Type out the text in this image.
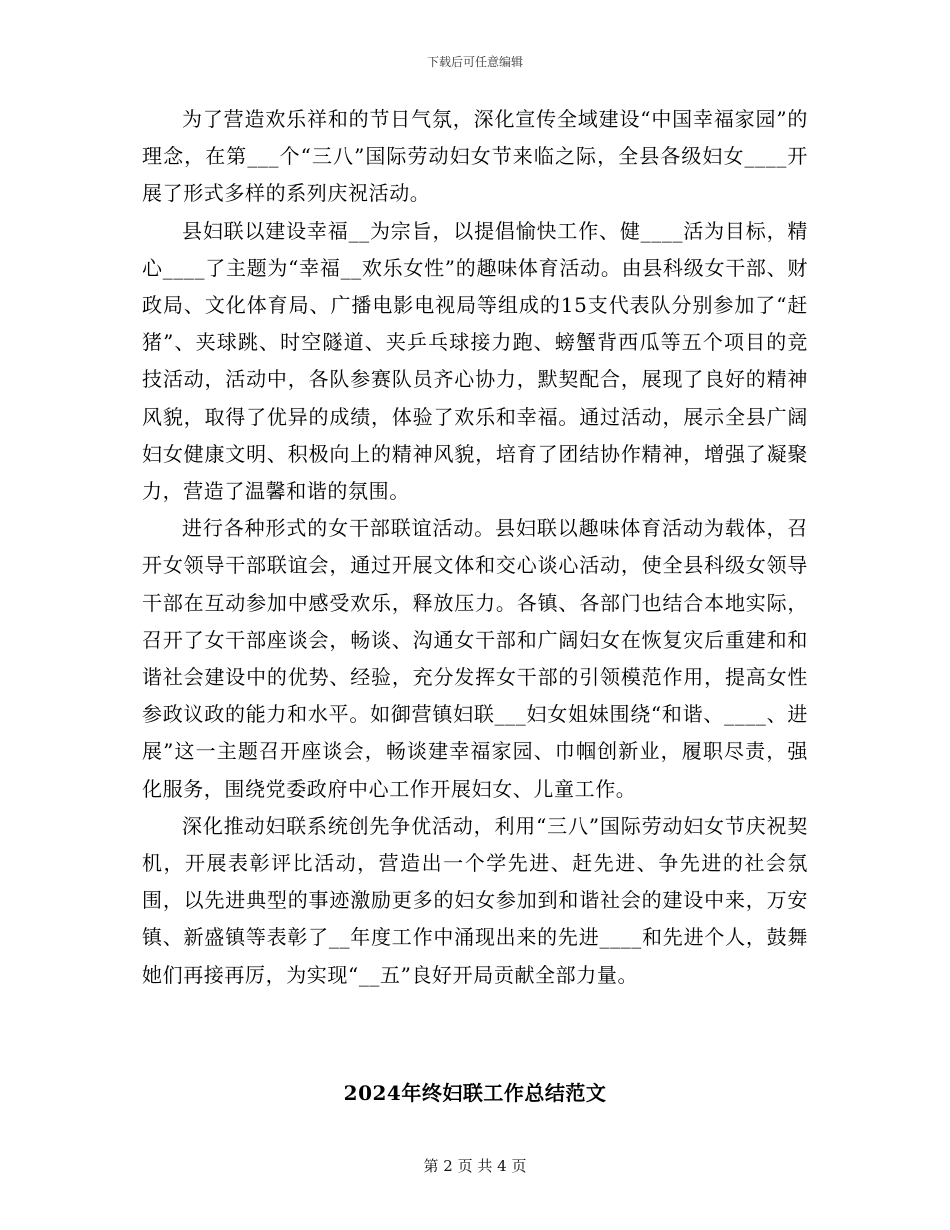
下载后可任意编辑

为了营造欢乐祥和的节日气氛，深化宣传全域建设“中国幸福家园”的理念，在第___个“三八”国际劳动妇女节来临之际，全县各级妇女____开展了形式多样的系列庆祝活动。

县妇联以建设幸福__为宗旨，以提倡愉快工作、健____活为目标，精心____了主题为“幸福__欢乐女性”的趣味体育活动。由县科级女干部、财政局、文化体育局、广播电影电视局等组成的15支代表队分别参加了“赶猪”、夹球跳、时空隧道、夹乒乓球接力跑、螃蟹背西瓜等五个项目的竞技活动，活动中，各队参赛队员齐心协力，默契配合，展现了良好的精神风貌，取得了优异的成绩，体验了欢乐和幸福。通过活动，展示全县广阔妇女健康文明、积极向上的精神风貌，培育了团结协作精神，增强了凝聚力，营造了温馨和谐的氛围。

进行各种形式的女干部联谊活动。县妇联以趣味体育活动为载体，召开女领导干部联谊会，通过开展文体和交心谈心活动，使全县科级女领导干部在互动参加中感受欢乐，释放压力。各镇、各部门也结合本地实际，召开了女干部座谈会，畅谈、沟通女干部和广阔妇女在恢复灾后重建和和谐社会建设中的优势、经验，充分发挥女干部的引领模范作用，提高女性参政议政的能力和水平。如御营镇妇联___妇女姐妹围绕“和谐、____、进展”这一主题召开座谈会，畅谈建幸福家园、巾帼创新业，履职尽责，强化服务，围绕党委政府中心工作开展妇女、儿童工作。

深化推动妇联系统创先争优活动，利用“三八”国际劳动妇女节庆祝契机，开展表彰评比活动，营造出一个学先进、赶先进、争先进的社会氛围，以先进典型的事迹激励更多的妇女参加到和谐社会的建设中来，万安镇、新盛镇等表彰了__年度工作中涌现出来的先进____和先进个人，鼓舞她们再接再厉，为实现“__五”良好开局贡献全部力量。

2024年终妇联工作总结范文
第 2 页 共 4 页
